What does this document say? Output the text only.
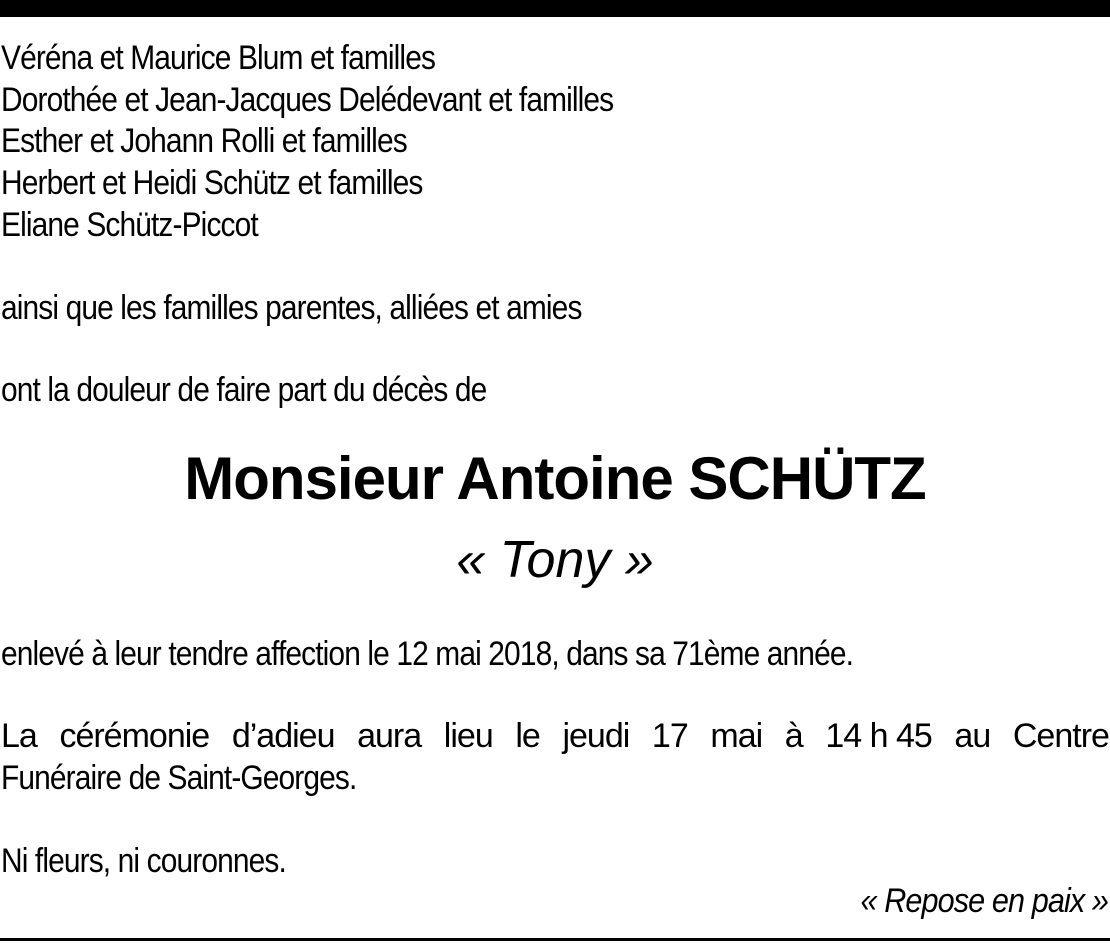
Véréna et Maurice Blum et familles

Dorothée et Jean-Jacques Delédevant et familles

Esther et Johann Rolli et familles

Herbert et Heidi Schütz et familles

Eliane Schütz-Piccot

ainsi que les familles parentes, alliées et amies

ont la douleur de faire part du décès de

Monsieur Antoine SCHÜTZ

« Tony »

enlevé à leur tendre affection le 12 mai 2018, dans sa 71ème année.

La cérémonie d’adieu aura lieu le jeudi 17 mai à 14 h 45 au Centre

Funéraire de Saint-Georges.

Ni fleurs, ni couronnes.

« Repose en paix »
